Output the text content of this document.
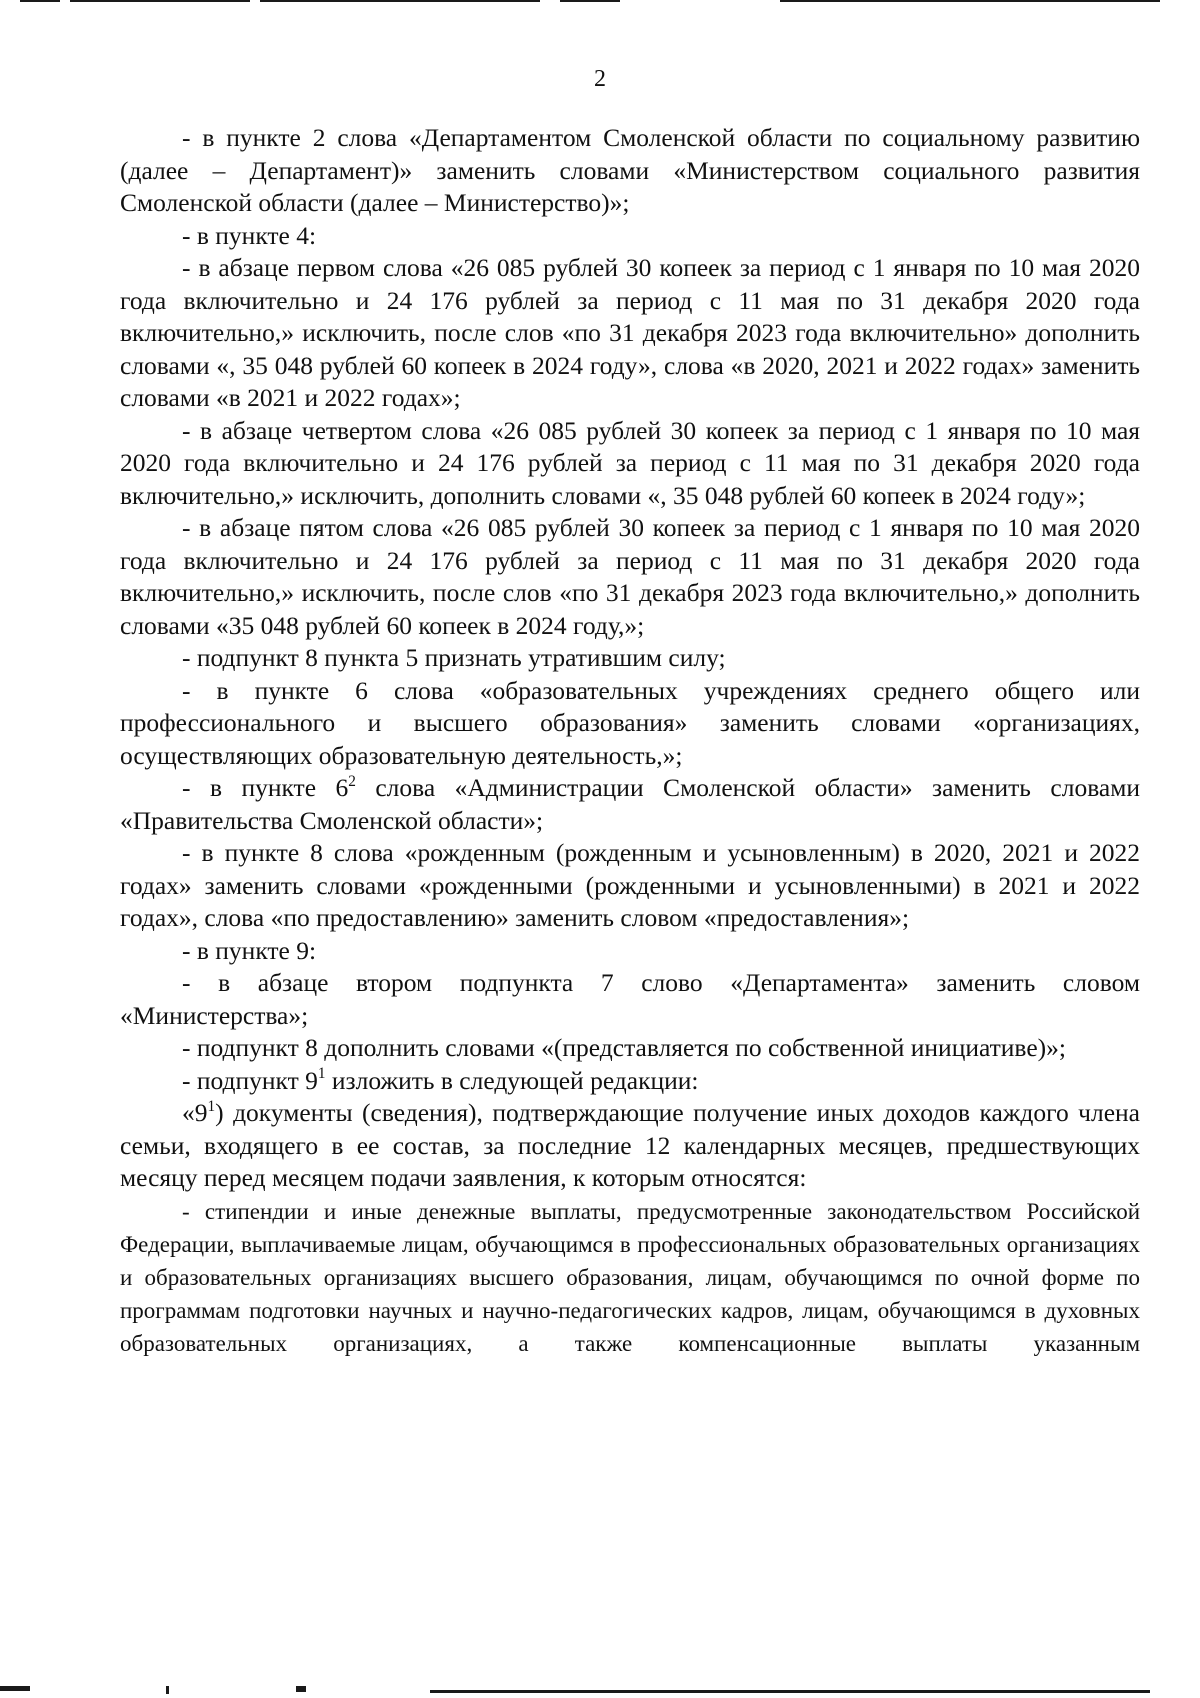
2

- в пункте 2 слова «Департаментом Смоленской области по социальному развитию (далее – Департамент)» заменить словами «Министерством социального развития Смоленской области (далее – Министерство)»;

- в пункте 4:

- в абзаце первом слова «26 085 рублей 30 копеек за период с 1 января по 10 мая 2020 года включительно и 24 176 рублей за период с 11 мая по 31 декабря 2020 года включительно,» исключить, после слов «по 31 декабря 2023 года включительно» дополнить словами «, 35 048 рублей 60 копеек в 2024 году», слова «в 2020, 2021 и 2022 годах» заменить словами «в 2021 и 2022 годах»;

- в абзаце четвертом слова «26 085 рублей 30 копеек за период с 1 января по 10 мая 2020 года включительно и 24 176 рублей за период с 11 мая по 31 декабря 2020 года включительно,» исключить, дополнить словами «, 35 048 рублей 60 копеек в 2024 году»;

- в абзаце пятом слова «26 085 рублей 30 копеек за период с 1 января по 10 мая 2020 года включительно и 24 176 рублей за период с 11 мая по 31 декабря 2020 года включительно,» исключить, после слов «по 31 декабря 2023 года включительно,» дополнить словами «35 048 рублей 60 копеек в 2024 году,»;

- подпункт 8 пункта 5 признать утратившим силу;

- в пункте 6 слова «образовательных учреждениях среднего общего или профессионального и высшего образования» заменить словами «организациях, осуществляющих образовательную деятельность,»;

- в пункте $6^2$ слова «Администрации Смоленской области» заменить словами «Правительства Смоленской области»;

- в пункте 8 слова «рожденным (рожденным и усыновленным) в 2020, 2021 и 2022 годах» заменить словами «рожденными (рожденными и усыновленными) в 2021 и 2022 годах», слова «по предоставлению» заменить словом «предоставления»;

- в пункте 9:

- в абзаце втором подпункта 7 слово «Департамента» заменить словом «Министерства»;

- подпункт 8 дополнить словами «(представляется по собственной инициативе)»;

- подпункт $9^1$ изложить в следующей редакции:

«$9^1$) документы (сведения), подтверждающие получение иных доходов каждого члена семьи, входящего в ее состав, за последние 12 календарных месяцев, предшествующих месяцу перед месяцем подачи заявления, к которым относятся:

- стипендии и иные денежные выплаты, предусмотренные законодательством Российской Федерации, выплачиваемые лицам, обучающимся в профессиональных образовательных организациях и образовательных организациях высшего образования, лицам, обучающимся по очной форме по программам подготовки научных и научно-педагогических кадров, лицам, обучающимся в духовных образовательных организациях, а также компенсационные выплаты указанным
